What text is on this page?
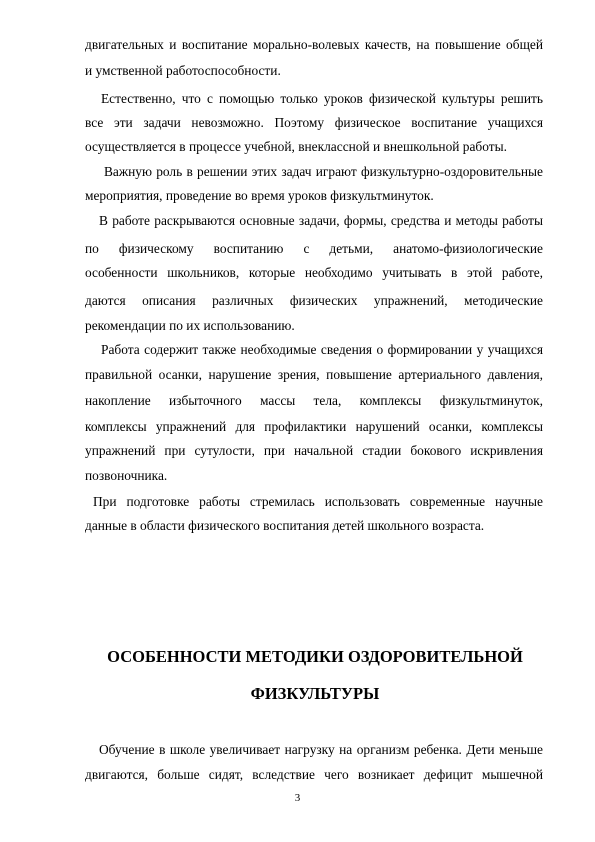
двигательных и воспитание морально-волевых качеств, на повышение общей
и умственной работоспособности.
Естественно, что с помощью только уроков физической культуры решить
все эти задачи невозможно. Поэтому физическое воспитание учащихся
осуществляется в процессе учебной, внеклассной и внешкольной работы.
Важную роль в решении этих задач играют физкультурно-оздоровительные
мероприятия, проведение во время уроков физкультминуток.
В работе раскрываются основные задачи, формы, средства и методы работы
по физическому воспитанию с детьми, анатомо-физиологические
особенности школьников, которые необходимо учитывать в этой работе,
даются описания различных физических упражнений, методические
рекомендации по их использованию.
Работа содержит также необходимые сведения о формировании у учащихся
правильной осанки, нарушение зрения, повышение артериального давления,
накопление избыточного массы тела, комплексы физкультминуток,
комплексы упражнений для профилактики нарушений осанки, комплексы
упражнений при сутулости, при начальной стадии бокового искривления
позвоночника.
При подготовке работы стремилась использовать современные научные
данные в области физического воспитания детей школьного возраста.
ОСОБЕННОСТИ МЕТОДИКИ ОЗДОРОВИТЕЛЬНОЙ
ФИЗКУЛЬТУРЫ
Обучение в школе увеличивает нагрузку на организм ребенка. Дети меньше
двигаются, больше сидят, вследствие чего возникает дефицит мышечной
3
